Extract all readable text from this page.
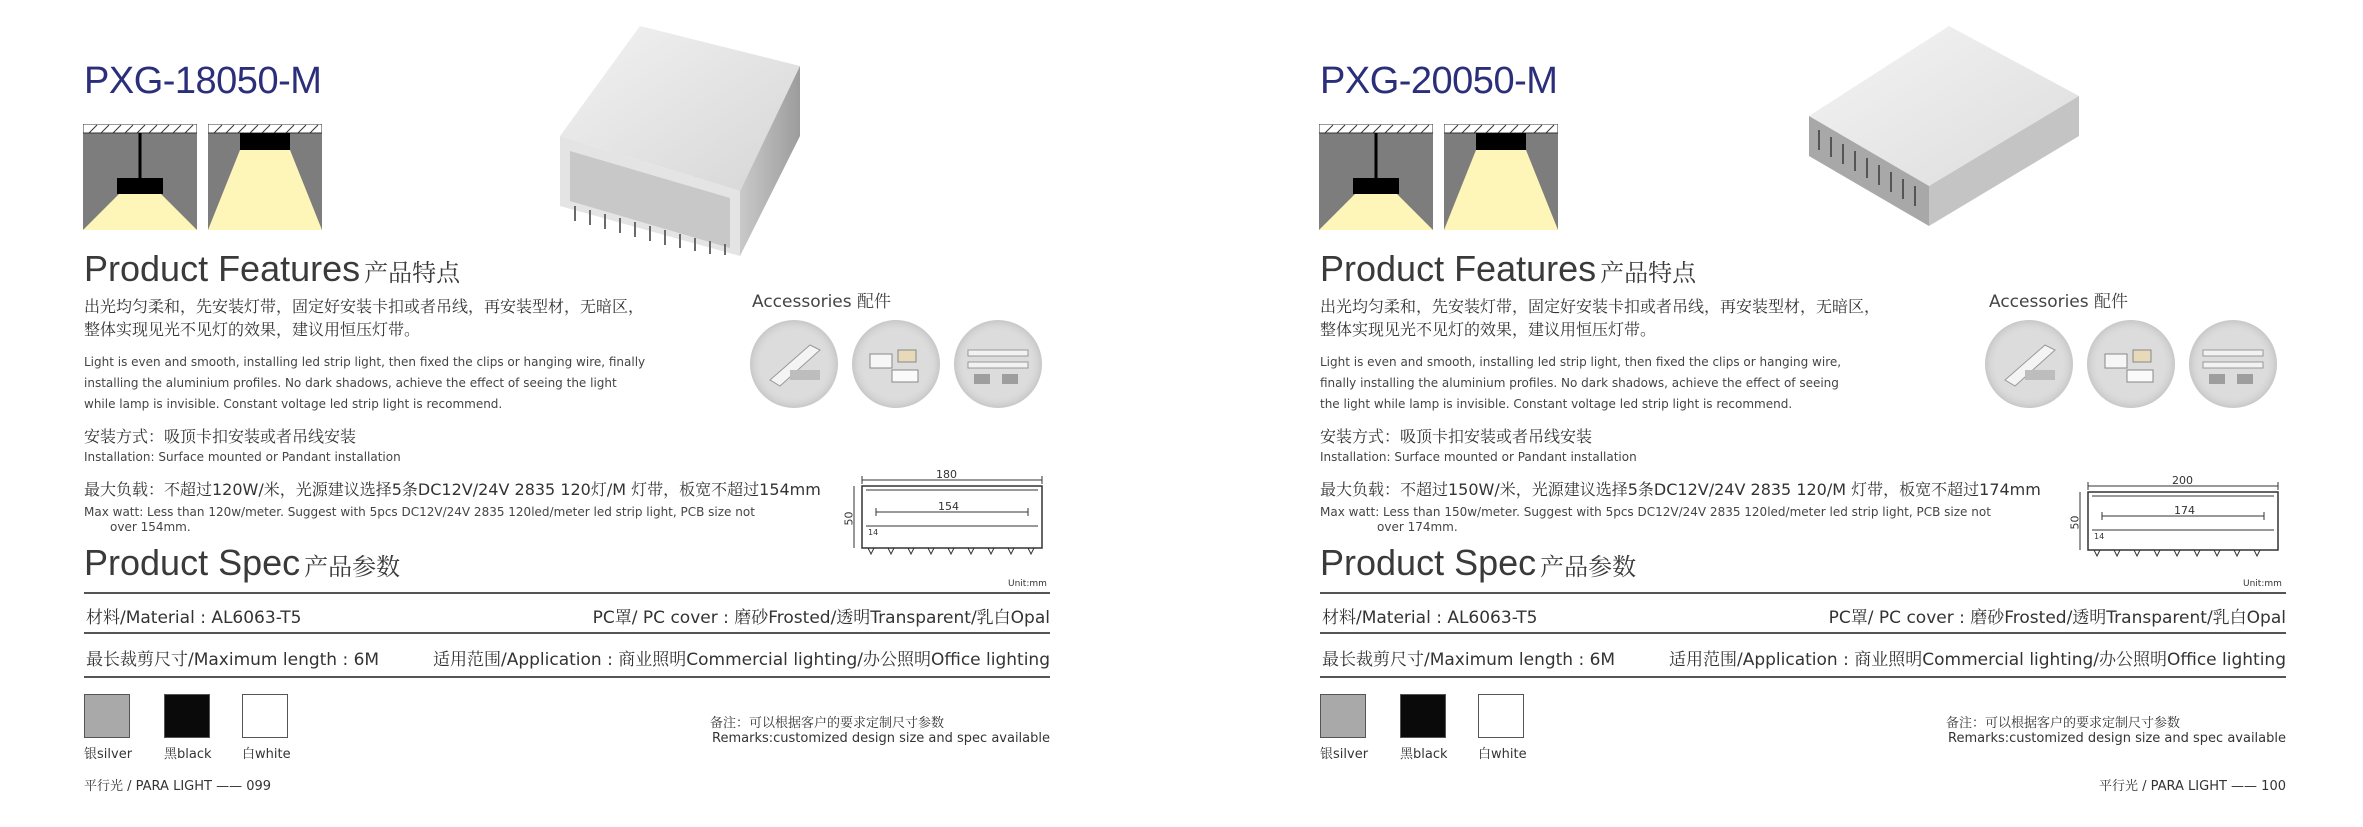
PXG-18050-M
Product Features 产品特点
出光均匀柔和，先安装灯带，固定好安装卡扣或者吊线，再安装型材，无暗区，
整体实现见光不见灯的效果，建议用恒压灯带。
Light is even and smooth, installing led strip light, then fixed the clips or hanging wire, finally
installing the aluminium profiles. No dark shadows, achieve the effect of seeing the light
while lamp is invisible. Constant voltage led strip light is recommend.
安装方式：吸顶卡扣安装或者吊线安装
Installation: Surface mounted or Pandant installation
最大负载：不超过120W/米，光源建议选择5条DC12V/24V 2835 120灯/M 灯带，板宽不超过154mm
Max watt: Less than 120w/meter. Suggest with 5pcs DC12V/24V 2835 120led/meter led strip light, PCB size not
over 154mm.
Accessories 配件
180
154
50
14
Product Spec 产品参数
Unit:mm
材料/Material : AL6063-T5	PC罩/ PC cover : 磨砂Frosted/透明Transparent/乳白Opal
最长裁剪尺寸/Maximum length : 6M	适用范围/Application : 商业照明Commercial lighting/办公照明Office lighting
银silver 黑black 白white
备注：可以根据客户的要求定制尺寸参数
Remarks:customized design size and spec available
平行光 / PARA LIGHT —— 099
PXG-20050-M
Product Features 产品特点
出光均匀柔和，先安装灯带，固定好安装卡扣或者吊线，再安装型材，无暗区，
整体实现见光不见灯的效果，建议用恒压灯带。
Light is even and smooth, installing led strip light, then fixed the clips or hanging wire,
finally installing the aluminium profiles. No dark shadows, achieve the effect of seeing
the light while lamp is invisible. Constant voltage led strip light is recommend.
安装方式：吸顶卡扣安装或者吊线安装
Installation: Surface mounted or Pandant installation
最大负载：不超过150W/米，光源建议选择5条DC12V/24V 2835 120/M 灯带，板宽不超过174mm
Max watt: Less than 150w/meter. Suggest with 5pcs DC12V/24V 2835 120led/meter led strip light, PCB size not
over 174mm.
Accessories 配件
200
174
50
14
Product Spec 产品参数
Unit:mm
材料/Material : AL6063-T5	PC罩/ PC cover : 磨砂Frosted/透明Transparent/乳白Opal
最长裁剪尺寸/Maximum length : 6M	适用范围/Application : 商业照明Commercial lighting/办公照明Office lighting
银silver 黑black 白white
备注：可以根据客户的要求定制尺寸参数
Remarks:customized design size and spec available
平行光 / PARA LIGHT —— 100
